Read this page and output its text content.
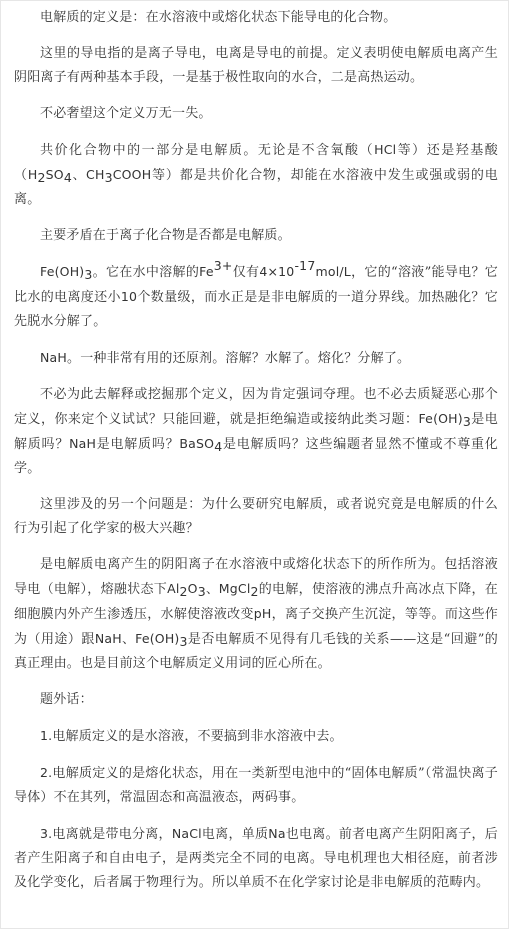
电解质的定义是：在水溶液中或熔化状态下能导电的化合物。

这里的导电指的是离子导电，电离是导电的前提。定义表明使电解质电离产生阴阳离子有两种基本手段，一是基于极性取向的水合，二是高热运动。

不必奢望这个定义万无一失。

共价化合物中的一部分是电解质。无论是不含氧酸（HCl等）还是羟基酸（$H_2SO_4$、$CH_3COOH$等）都是共价化合物，却能在水溶液中发生或强或弱的电离。

主要矛盾在于离子化合物是否都是电解质。

$Fe(OH)_3$。它在水中溶解的$Fe^{3+}$仅有$4\times 10^{-17}mol/L$，它的“溶液”能导电？它比水的电离度还小10个数量级，而水正是是非电解质的一道分界线。加热融化？它先脱水分解了。

NaH。一种非常有用的还原剂。溶解？水解了。熔化？分解了。

不必为此去解释或挖掘那个定义，因为肯定强词夺理。也不必去质疑恶心那个定义，你来定个义试试？只能回避，就是拒绝编造或接纳此类习题：$Fe(OH)_3$是电解质吗？NaH是电解质吗？BaSO$_4$是电解质吗？这些编题者显然不懂或不尊重化学。

这里涉及的另一个问题是：为什么要研究电解质，或者说究竟是电解质的什么行为引起了化学家的极大兴趣？

是电解质电离产生的阴阳离子在水溶液中或熔化状态下的所作所为。包括溶液导电（电解），熔融状态下$Al_2O_3$、MgCl$_2$的电解，使溶液的沸点升高冰点下降，在细胞膜内外产生渗透压，水解使溶液改变pH，离子交换产生沉淀，等等。而这些作为（用途）跟NaH、$Fe(OH)_3$是否电解质不见得有几毛钱的关系——这是“回避”的真正理由。也是目前这个电解质定义用词的匠心所在。

题外话：

1.电解质定义的是水溶液，不要搞到非水溶液中去。

2.电解质定义的是熔化状态，用在一类新型电池中的“固体电解质”（常温快离子导体）不在其列，常温固态和高温液态，两码事。

3.电离就是带电分离，NaCl电离，单质Na也电离。前者电离产生阴阳离子，后者产生阳离子和自由电子，是两类完全不同的电离。导电机理也大相径庭，前者涉及化学变化，后者属于物理行为。所以单质不在化学家讨论是非电解质的范畴内。
